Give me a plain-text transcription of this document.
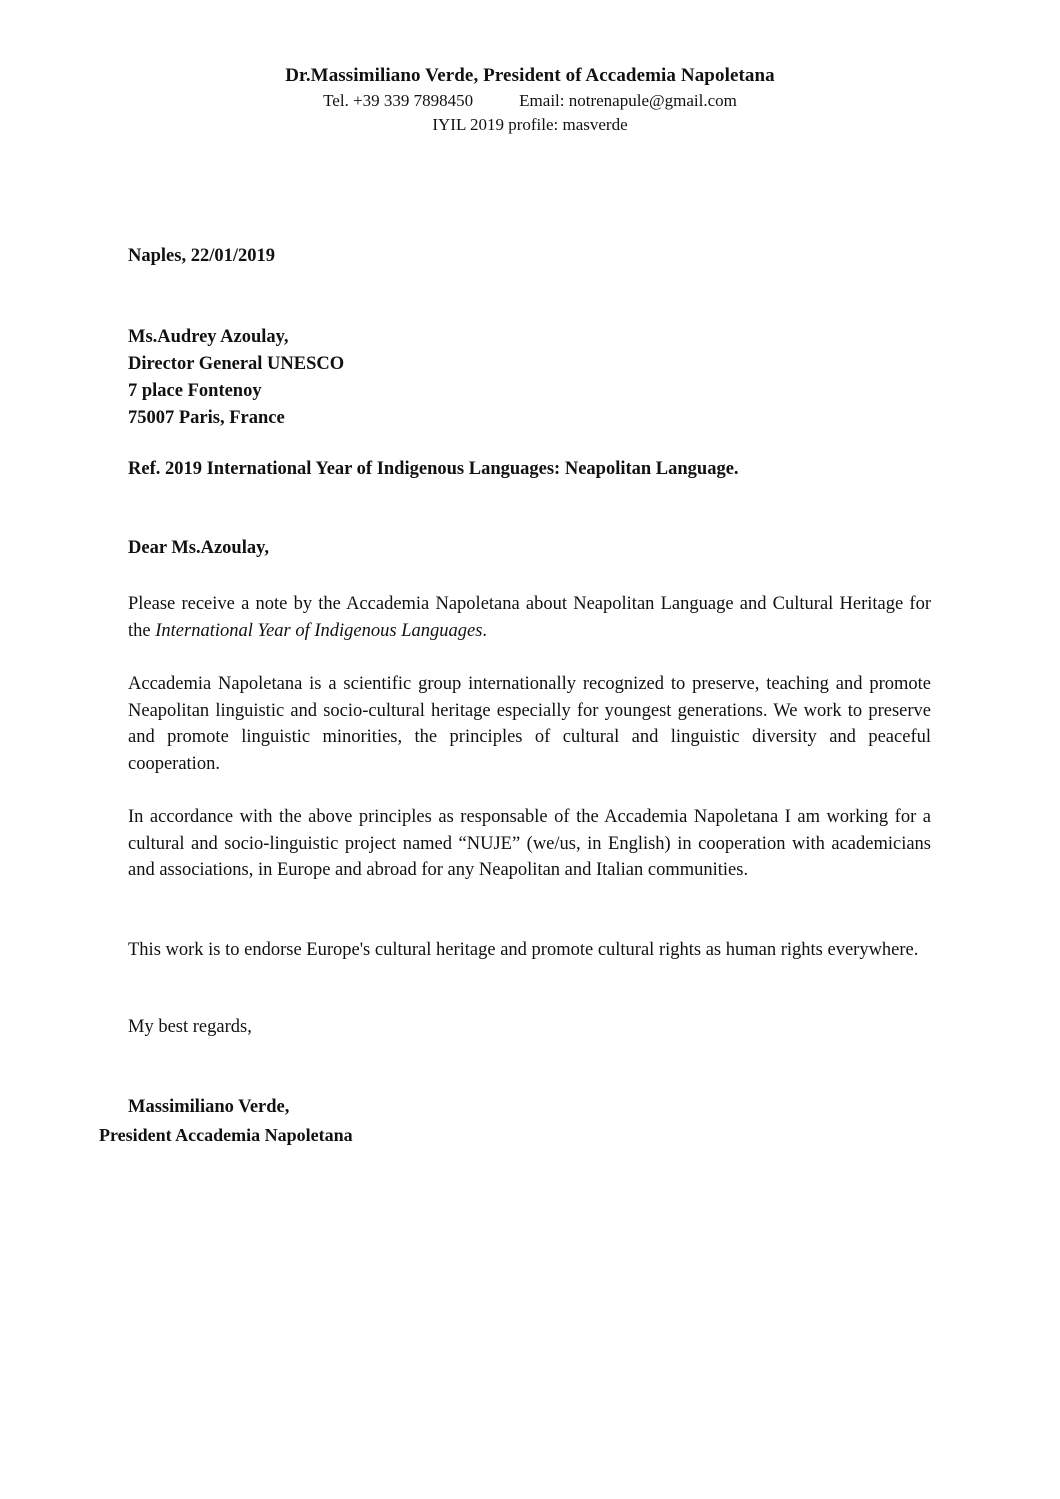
Dr.Massimiliano Verde, President of Accademia Napoletana
Tel. +39 339 7898450	Email: notrenapule@gmail.com
IYIL 2019 profile: masverde
Naples, 22/01/2019
Ms.Audrey Azoulay,
Director General UNESCO
7 place Fontenoy
75007 Paris, France
Ref. 2019 International Year of Indigenous Languages: Neapolitan Language.
Dear Ms.Azoulay,
Please receive a note by the Accademia Napoletana about Neapolitan Language and Cultural Heritage for the International Year of Indigenous Languages.
Accademia Napoletana is a scientific group internationally recognized to preserve, teaching and promote Neapolitan linguistic and socio-cultural heritage especially for youngest generations. We work to preserve and promote linguistic minorities, the principles of cultural and linguistic diversity and peaceful cooperation.
In accordance with the above principles as responsable of the Accademia Napoletana I am working for a cultural and socio-linguistic project named “NUJE” (we/us, in English) in cooperation with academicians and associations, in Europe and abroad for any Neapolitan and Italian communities.
This work is to endorse Europe's cultural heritage and promote cultural rights as human rights everywhere.
My best regards,
Massimiliano Verde,
President Accademia Napoletana
